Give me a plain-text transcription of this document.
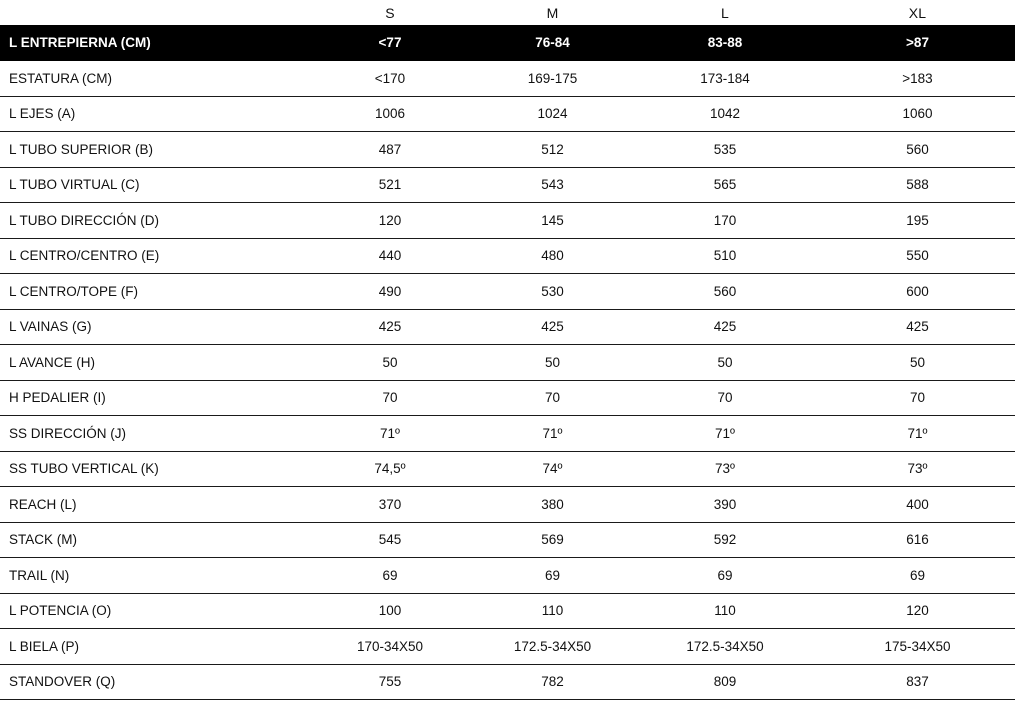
	S	M	L	XL
L ENTREPIERNA (CM)	<77	76-84	83-88	>87
ESTATURA (CM)	<170	169-175	173-184	>183
L EJES (A)	1006	1024	1042	1060
L TUBO SUPERIOR (B)	487	512	535	560
L TUBO VIRTUAL (C)	521	543	565	588
L TUBO DIRECCIÓN (D)	120	145	170	195
L CENTRO/CENTRO (E)	440	480	510	550
L CENTRO/TOPE (F)	490	530	560	600
L VAINAS (G)	425	425	425	425
L AVANCE (H)	50	50	50	50
H PEDALIER (I)	70	70	70	70
SS DIRECCIÓN (J)	71º	71º	71º	71º
SS TUBO VERTICAL (K)	74,5º	74º	73º	73º
REACH (L)	370	380	390	400
STACK (M)	545	569	592	616
TRAIL (N)	69	69	69	69
L POTENCIA (O)	100	110	110	120
L BIELA (P)	170-34X50	172.5-34X50	172.5-34X50	175-34X50
STANDOVER (Q)	755	782	809	837
